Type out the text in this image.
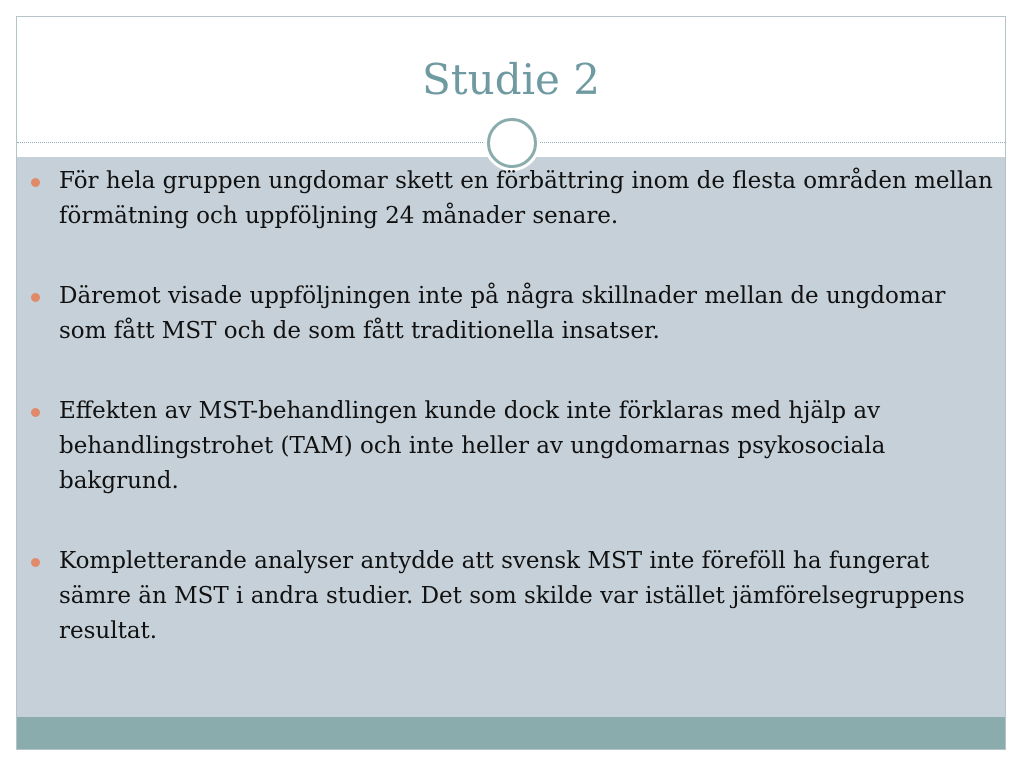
Studie 2
För hela gruppen ungdomar skett en förbättring inom de flesta områden mellan förmätning och uppföljning 24 månader senare.
Däremot visade uppföljningen inte på några skillnader mellan de ungdomar som fått MST och de som fått traditionella insatser.
Effekten av MST-behandlingen kunde dock inte förklaras med hjälp av behandlingstrohet (TAM) och inte heller av ungdomarnas psykosociala bakgrund.
Kompletterande analyser antydde att svensk MST inte föreföll ha fungerat sämre än MST i andra studier. Det som skilde var istället jämförelsegruppens resultat.
